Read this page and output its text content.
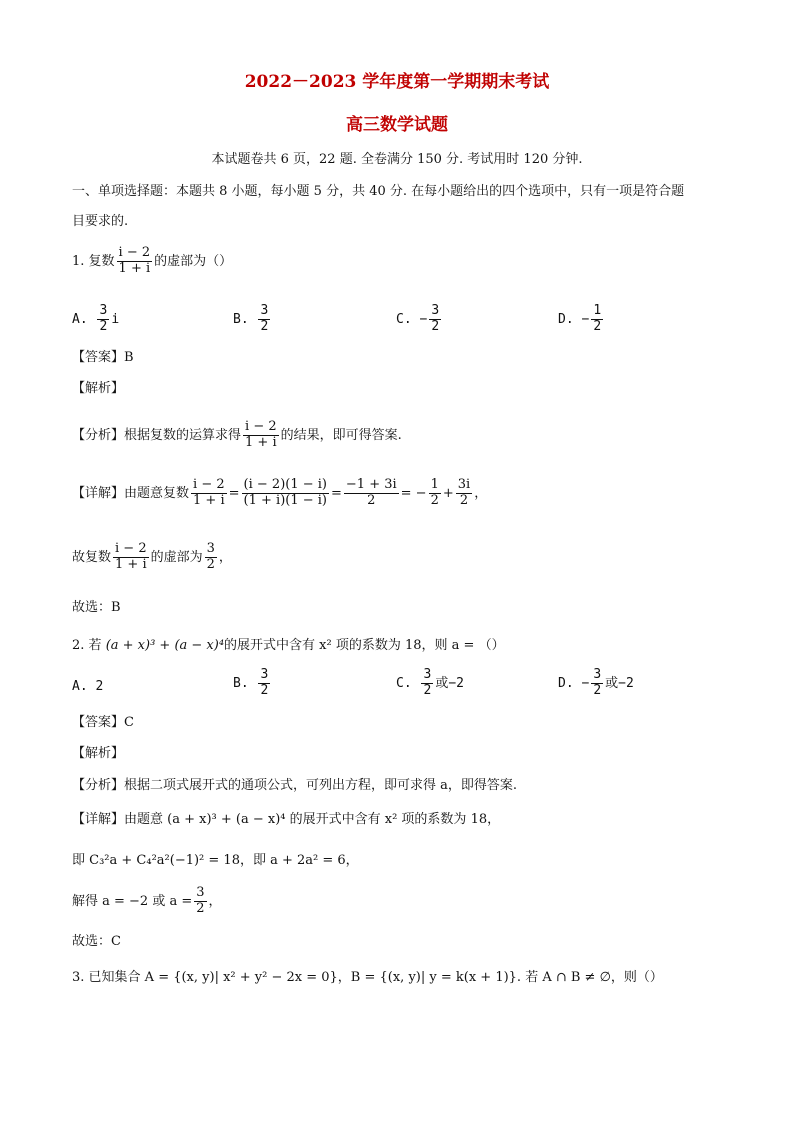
2022－2023 学年度第一学期期末考试
高三数学试题
本试题卷共 6 页，22 题. 全卷满分 150 分. 考试用时 120 分钟.
一、单项选择题：本题共 8 小题，每小题 5 分，共 40 分. 在每小题给出的四个选项中，只有一项是符合题
目要求的.
1. 复数 $\frac{i - 2}{1 + i}$ 的虚部为（）
A. $\frac{3}{2}$ i	B. $\frac{3}{2}$	C. − $\frac{3}{2}$	D. − $\frac{1}{2}$
【答案】B
【解析】
【分析】根据复数的运算求得 $\frac{i - 2}{1 + i}$ 的结果，即可得答案.
【详解】由题意复数 $\frac{i - 2}{1 + i} = \frac{(i - 2)(1 - i)}{(1 + i)(1 - i)} = \frac{-1 + 3i}{2}$ = − $\frac{1}{2} + \frac{3i}{2}$ ，
故复数 $\frac{i - 2}{1 + i}$ 的虚部为 $\frac{3}{2}$ ，
故选：B
2. 若 (a + x)³ + (a − x)⁴的展开式中含有 x² 项的系数为 18，则 a = （）
A. 2	B. $\frac{3}{2}$	C. $\frac{3}{2}$ 或−2	D. − $\frac{3}{2}$ 或−2
【答案】C
【解析】
【分析】根据二项式展开式的通项公式，可列出方程，即可求得 a，即得答案.
【详解】由题意 (a + x)³ + (a − x)⁴ 的展开式中含有 x² 项的系数为 18，
即 C₃²a + C₄²a²(−1)² = 18，即 a + 2a² = 6，
解得 a = −2 或 $a = \frac{3}{2}$ ，
故选：C
3. 已知集合 A = {(x, y)| x² + y² − 2x = 0}，B = {(x, y)| y = k(x + 1)}. 若 A ∩ B ≠ ∅，则（）
